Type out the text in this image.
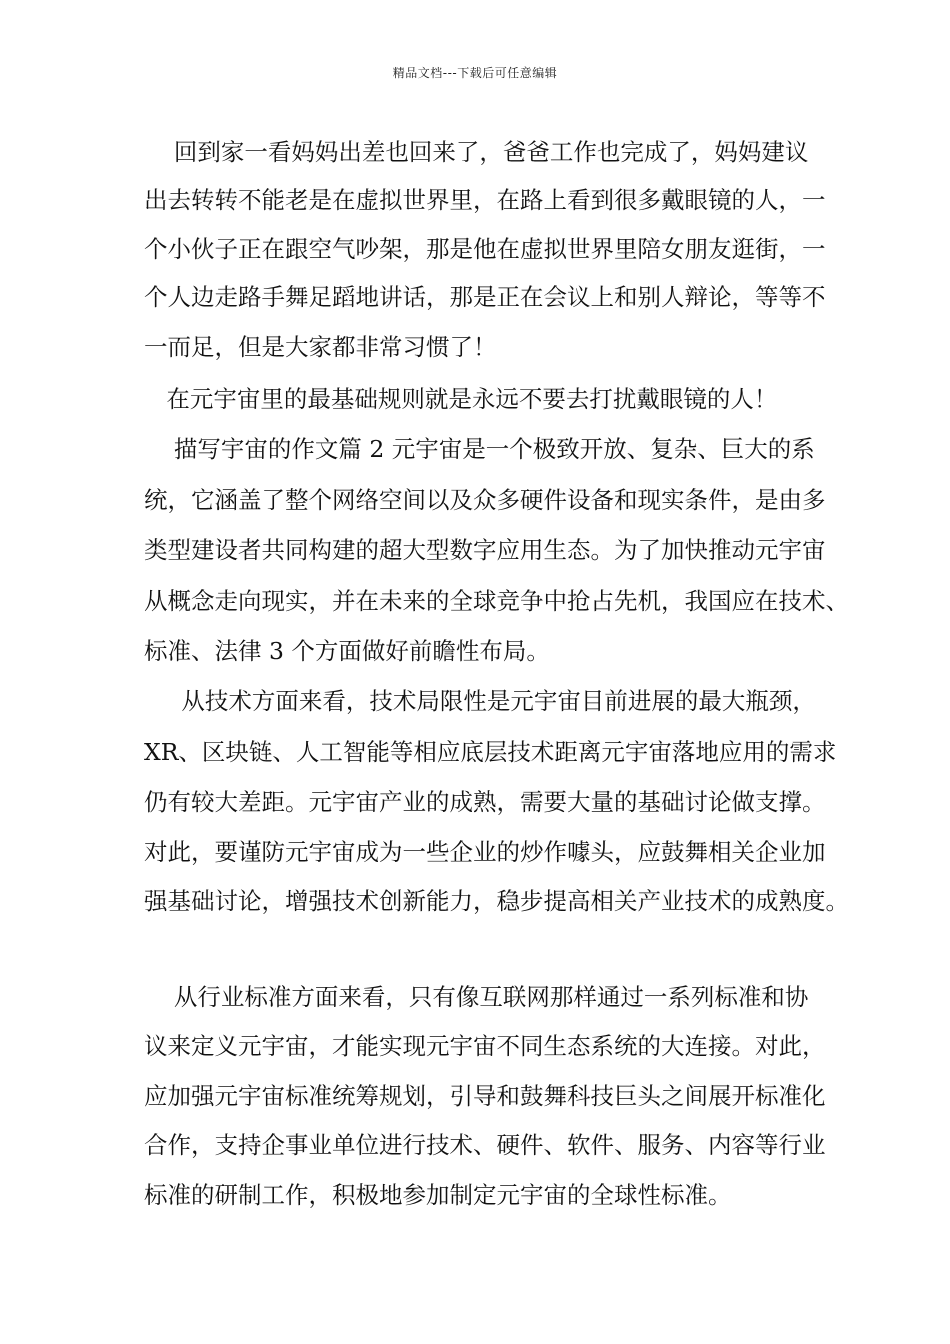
精品文档---下载后可任意编辑
回到家一看妈妈出差也回来了，爸爸工作也完成了，妈妈建议
出去转转不能老是在虚拟世界里，在路上看到很多戴眼镜的人，一
个小伙子正在跟空气吵架，那是他在虚拟世界里陪女朋友逛街，一
个人边走路手舞足蹈地讲话，那是正在会议上和别人辩论，等等不
一而足，但是大家都非常习惯了！
在元宇宙里的最基础规则就是永远不要去打扰戴眼镜的人！
描写宇宙的作文篇 2 元宇宙是一个极致开放、复杂、巨大的系
统，它涵盖了整个网络空间以及众多硬件设备和现实条件，是由多
类型建设者共同构建的超大型数字应用生态。为了加快推动元宇宙
从概念走向现实，并在未来的全球竞争中抢占先机，我国应在技术、
标准、法律 3 个方面做好前瞻性布局。
从技术方面来看，技术局限性是元宇宙目前进展的最大瓶颈，
XR、区块链、人工智能等相应底层技术距离元宇宙落地应用的需求
仍有较大差距。元宇宙产业的成熟，需要大量的基础讨论做支撑。
对此，要谨防元宇宙成为一些企业的炒作噱头，应鼓舞相关企业加
强基础讨论，增强技术创新能力，稳步提高相关产业技术的成熟度。
从行业标准方面来看，只有像互联网那样通过一系列标准和协
议来定义元宇宙，才能实现元宇宙不同生态系统的大连接。对此，
应加强元宇宙标准统筹规划，引导和鼓舞科技巨头之间展开标准化
合作，支持企事业单位进行技术、硬件、软件、服务、内容等行业
标准的研制工作，积极地参加制定元宇宙的全球性标准。
